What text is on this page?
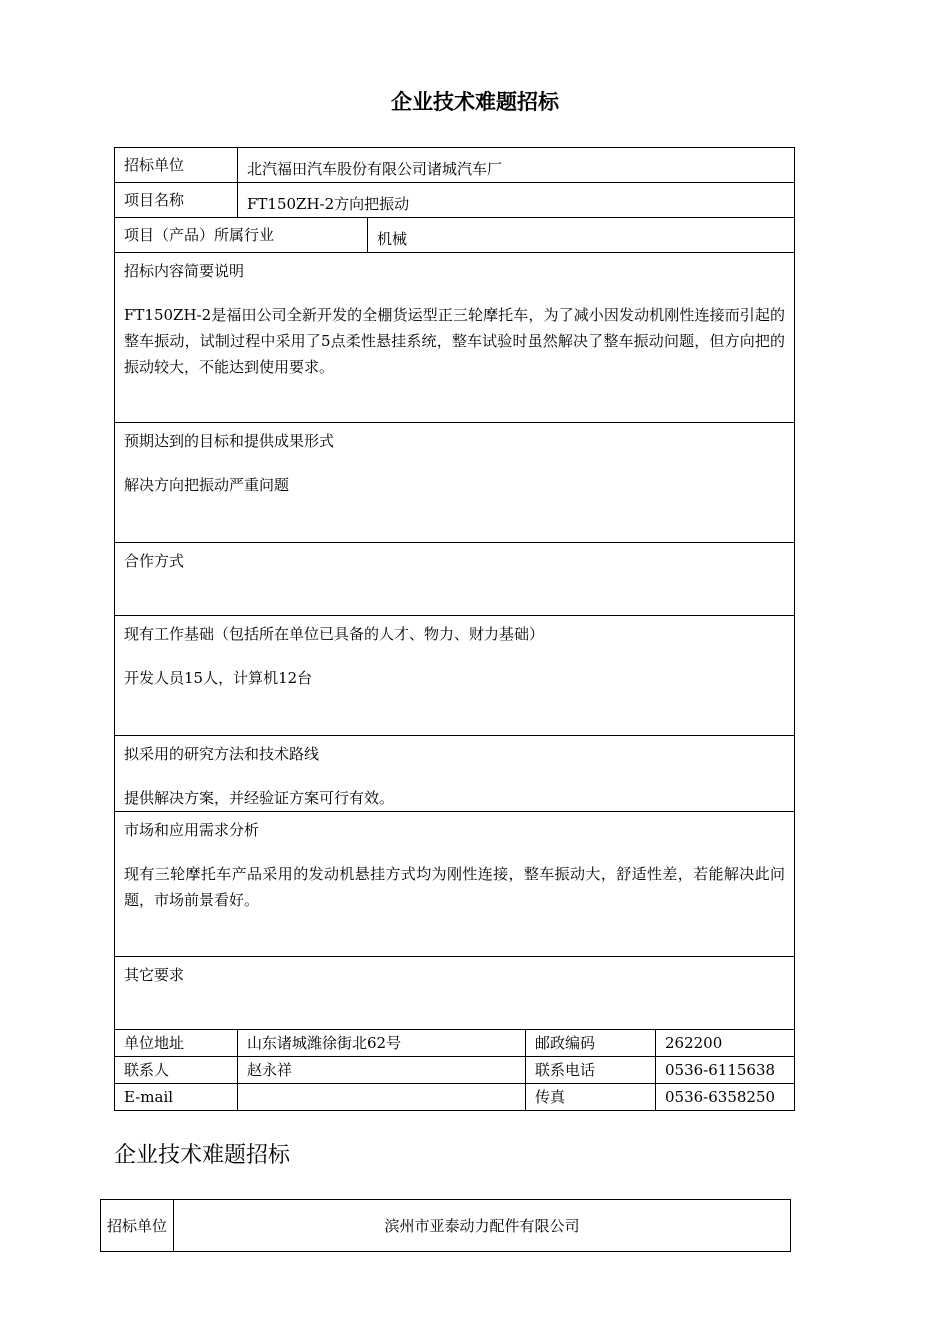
企业技术难题招标
招标单位	北汽福田汽车股份有限公司诸城汽车厂			
项目名称	FT150ZH-2方向把振动			
项目（产品）所属行业		机械		

招标内容简要说明

FT150ZH-2是福田公司全新开发的全棚货运型正三轮摩托车，为了减小因发动机刚性连接而引起的整车振动，试制过程中采用了5点柔性悬挂系统，整车试验时虽然解决了整车振动问题，但方向把的振动较大，不能达到使用要求。				

预期达到的目标和提供成果形式

解决方向把振动严重问题				

合作方式				

现有工作基础（包括所在单位已具备的人才、物力、财力基础）

开发人员15人，计算机12台				

拟采用的研究方法和技术路线

提供解决方案，并经验证方案可行有效。				

市场和应用需求分析

现有三轮摩托车产品采用的发动机悬挂方式均为刚性连接，整车振动大，舒适性差，若能解决此问题，市场前景看好。				

其它要求				

单位地址	山东诸城潍徐街北62号		邮政编码	262200
联系人	赵永祥		联系电话	0536-6115638
E-mail			传真	0536-6358250
企业技术难题招标
招标单位	滨州市亚泰动力配件有限公司
